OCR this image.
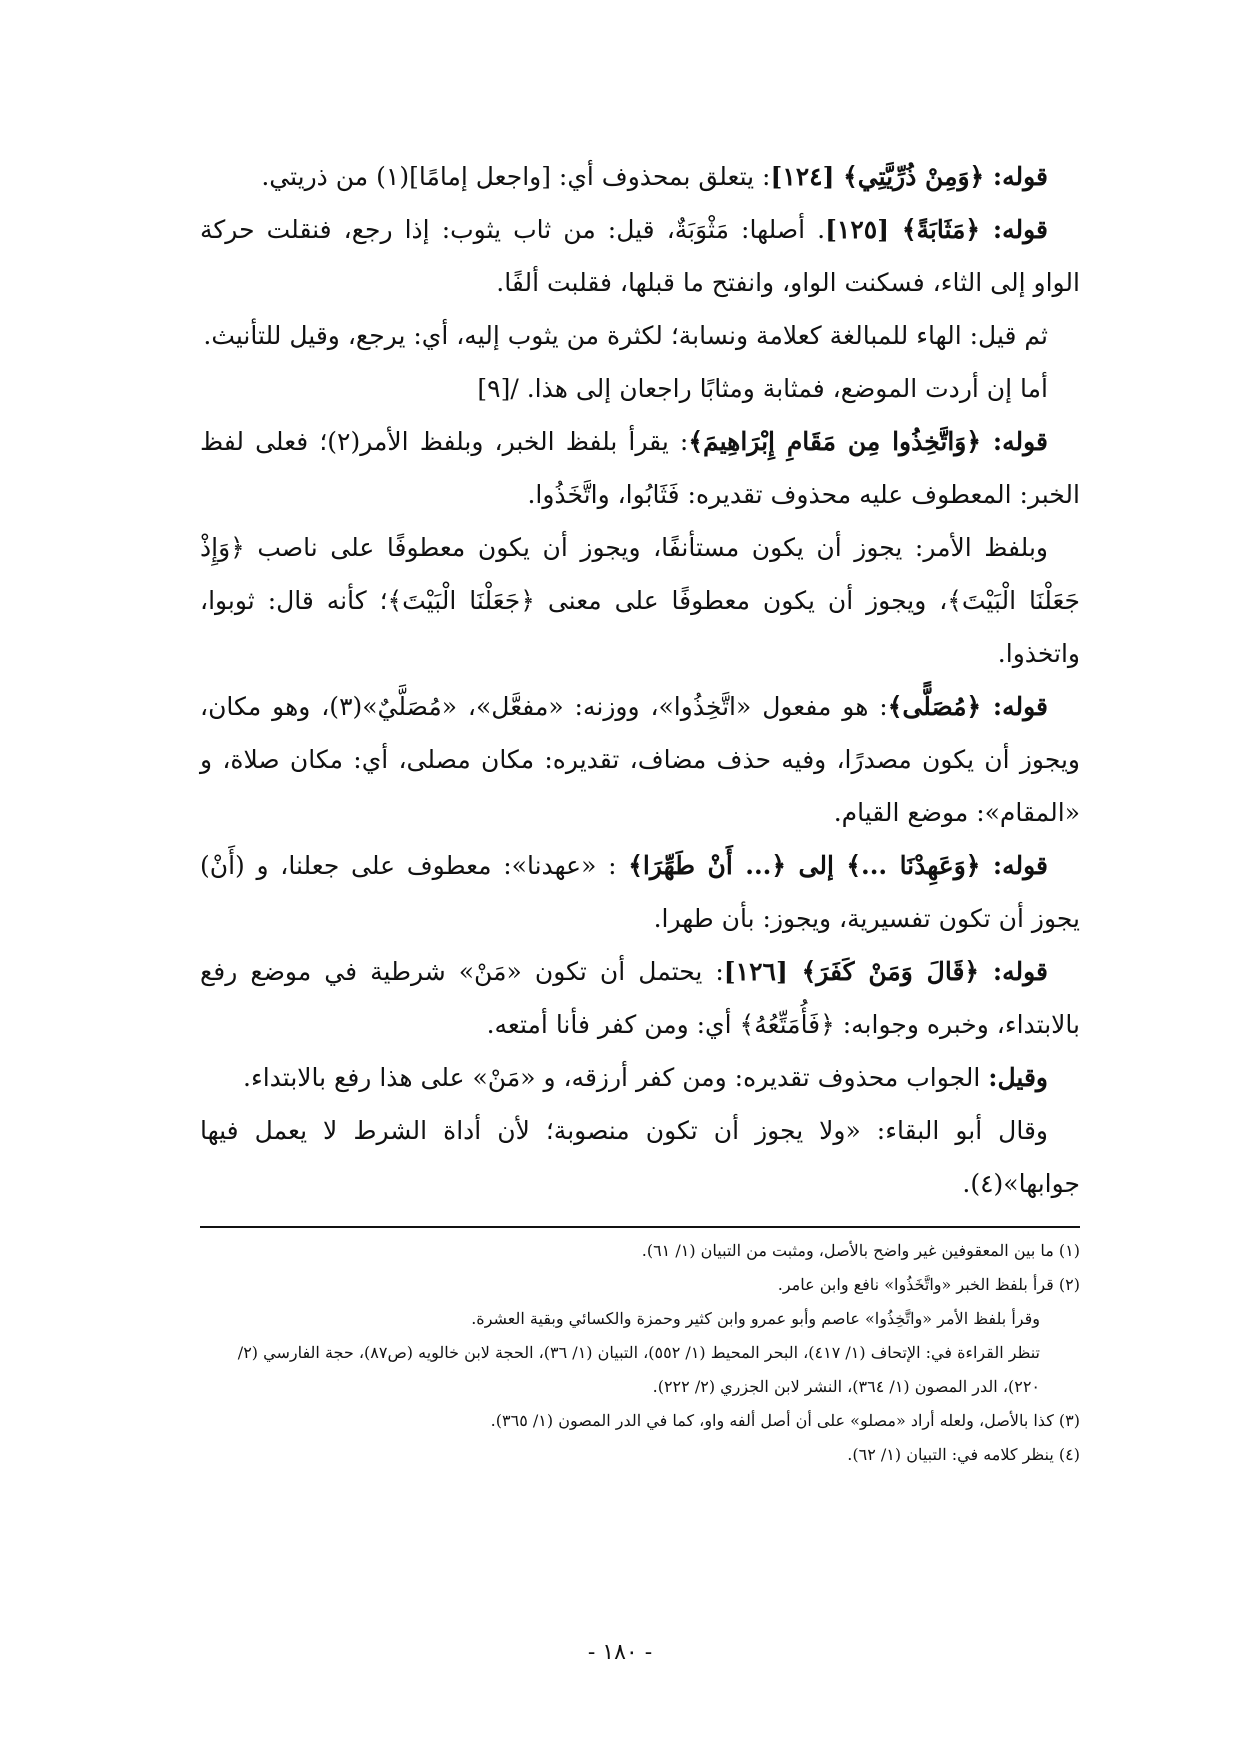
قوله: ﴿وَمِنْ ذُرِّيَّتِي﴾ [١٢٤]: يتعلق بمحذوف أي: [واجعل إمامًا](١) من ذريتي.

قوله: ﴿مَثَابَةً﴾ [١٢٥]. أصلها: مَثْوَبَةٌ، قيل: من ثاب يثوب: إذا رجع، فنقلت حركة الواو إلى الثاء، فسكنت الواو، وانفتح ما قبلها، فقلبت ألفًا.

ثم قيل: الهاء للمبالغة كعلامة ونسابة؛ لكثرة من يثوب إليه، أي: يرجع، وقيل للتأنيث.

أما إن أردت الموضع، فمثابة ومثابًا راجعان إلى هذا. /[٩]

قوله: ﴿وَاتَّخِذُوا مِن مَقَامِ إِبْرَاهِيمَ﴾: يقرأ بلفظ الخبر، وبلفظ الأمر(٢)؛ فعلى لفظ الخبر: المعطوف عليه محذوف تقديره: فَثَابُوا، واتَّخَذُوا.

وبلفظ الأمر: يجوز أن يكون مستأنفًا، ويجوز أن يكون معطوفًا على ناصب ﴿وَإِذْ جَعَلْنَا الْبَيْتَ﴾، ويجوز أن يكون معطوفًا على معنى ﴿جَعَلْنَا الْبَيْتَ﴾؛ كأنه قال: ثوبوا، واتخذوا.

قوله: ﴿مُصَلًّى﴾: هو مفعول «اتَّخِذُوا»، ووزنه: «مفعَّل»، «مُصَلَّيٌ»(٣)، وهو مكان، ويجوز أن يكون مصدرًا، وفيه حذف مضاف، تقديره: مكان مصلى، أي: مكان صلاة، و «المقام»: موضع القيام.

قوله: ﴿وَعَهِدْنَا ...﴾ إلى ﴿... أَنْ طَهِّرَا﴾ : «عهدنا»: معطوف على جعلنا، و (أَنْ) يجوز أن تكون تفسيرية، ويجوز: بأن طهرا.

قوله: ﴿قَالَ وَمَنْ كَفَرَ﴾ [١٢٦]: يحتمل أن تكون «مَنْ» شرطية في موضع رفع بالابتداء، وخبره وجوابه: ﴿فَأُمَتِّعُهُ﴾ أي: ومن كفر فأنا أمتعه.

وقيل: الجواب محذوف تقديره: ومن كفر أرزقه، و «مَنْ» على هذا رفع بالابتداء.

وقال أبو البقاء: «ولا يجوز أن تكون منصوبة؛ لأن أداة الشرط لا يعمل فيها جوابها»(٤).

(١) ما بين المعقوفين غير واضح بالأصل، ومثبت من التبيان (١/ ٦١).

(٢) قرأ بلفظ الخبر «واتَّخَذُوا» نافع وابن عامر.

وقرأ بلفظ الأمر «واتَّخِذُوا» عاصم وأبو عمرو وابن كثير وحمزة والكسائي وبقية العشرة.

تنظر القراءة في: الإتحاف (١/ ٤١٧)، البحر المحيط (١/ ٥٥٢)، التبيان (١/ ٣٦)، الحجة لابن خالويه (ص٨٧)، حجة الفارسي (٢/ ٢٢٠)، الدر المصون (١/ ٣٦٤)، النشر لابن الجزري (٢/ ٢٢٢).

(٣) كذا بالأصل، ولعله أراد «مصلو» على أن أصل ألفه واو، كما في الدر المصون (١/ ٣٦٥).

(٤) ينظر كلامه في: التبيان (١/ ٦٢).

- ١٨٠ -
